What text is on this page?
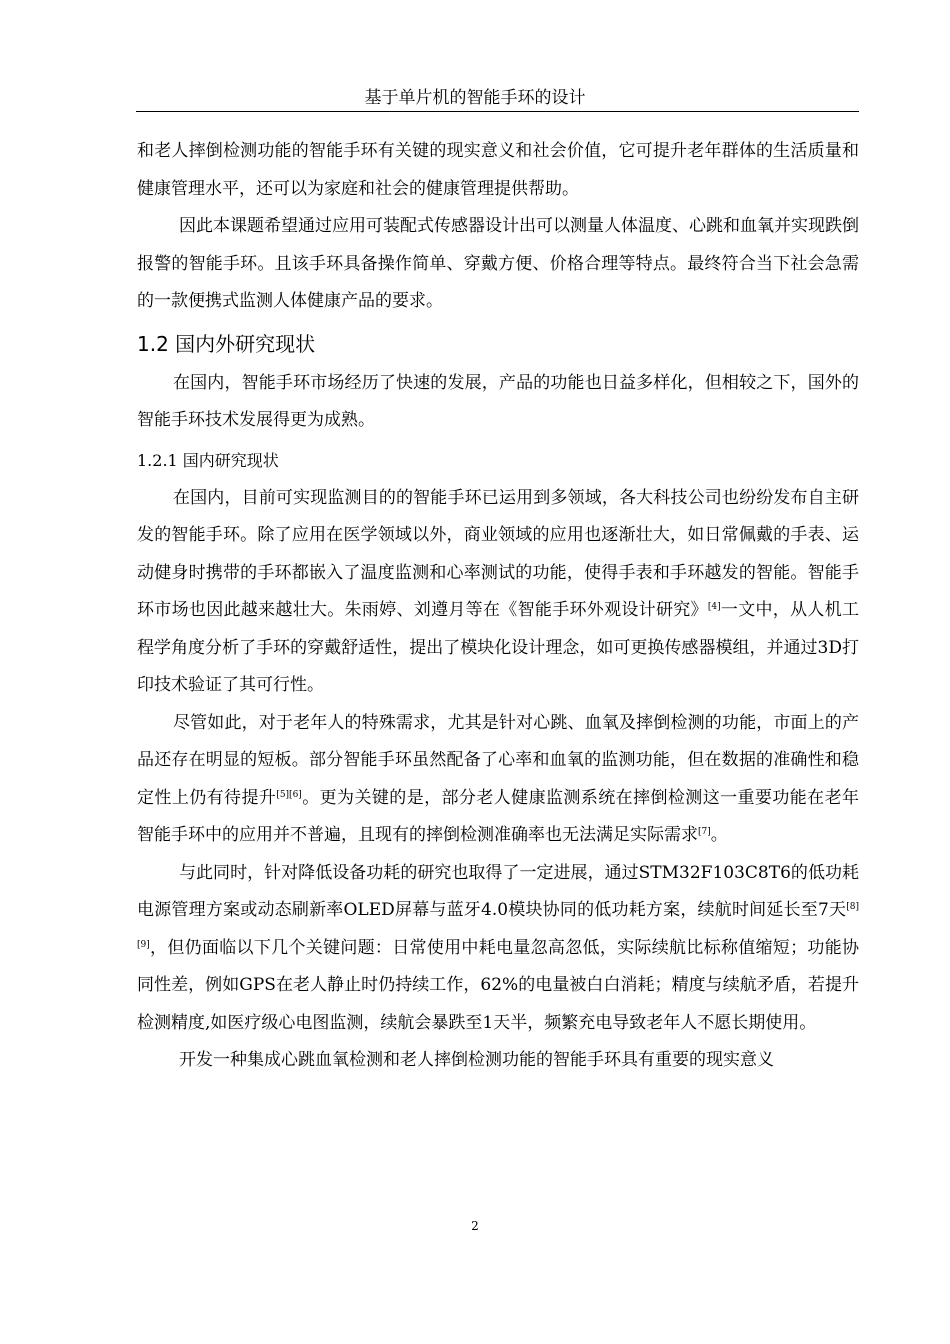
基于单片机的智能手环的设计

和老人摔倒检测功能的智能手环有关键的现实意义和社会价值，它可提升老年群体的生活质量和健康管理水平，还可以为家庭和社会的健康管理提供帮助。

因此本课题希望通过应用可装配式传感器设计出可以测量人体温度、心跳和血氧并实现跌倒报警的智能手环。且该手环具备操作简单、穿戴方便、价格合理等特点。最终符合当下社会急需的一款便携式监测人体健康产品的要求。

1.2 国内外研究现状

在国内，智能手环市场经历了快速的发展，产品的功能也日益多样化，但相较之下，国外的智能手环技术发展得更为成熟。

1.2.1 国内研究现状

在国内，目前可实现监测目的的智能手环已运用到多领域，各大科技公司也纷纷发布自主研发的智能手环。除了应用在医学领域以外，商业领域的应用也逐渐壮大，如日常佩戴的手表、运动健身时携带的手环都嵌入了温度监测和心率测试的功能，使得手表和手环越发的智能。智能手环市场也因此越来越壮大。朱雨婷、刘遵月等在《智能手环外观设计研究》[4]一文中，从人机工程学角度分析了手环的穿戴舒适性，提出了模块化设计理念，如可更换传感器模组，并通过3D打印技术验证了其可行性。

尽管如此，对于老年人的特殊需求，尤其是针对心跳、血氧及摔倒检测的功能，市面上的产品还存在明显的短板。部分智能手环虽然配备了心率和血氧的监测功能，但在数据的准确性和稳定性上仍有待提升[5][6]。更为关键的是，部分老人健康监测系统在摔倒检测这一重要功能在老年智能手环中的应用并不普遍，且现有的摔倒检测准确率也无法满足实际需求[7]。

与此同时，针对降低设备功耗的研究也取得了一定进展，通过STM32F103C8T6的低功耗电源管理方案或动态刷新率OLED屏幕与蓝牙4.0模块协同的低功耗方案，续航时间延长至7天[8][9]，但仍面临以下几个关键问题：日常使用中耗电量忽高忽低，实际续航比标称值缩短；功能协同性差，例如GPS在老人静止时仍持续工作，62%的电量被白白消耗；精度与续航矛盾，若提升检测精度,如医疗级心电图监测，续航会暴跌至1天半，频繁充电导致老年人不愿长期使用。

开发一种集成心跳血氧检测和老人摔倒检测功能的智能手环具有重要的现实意义

2
